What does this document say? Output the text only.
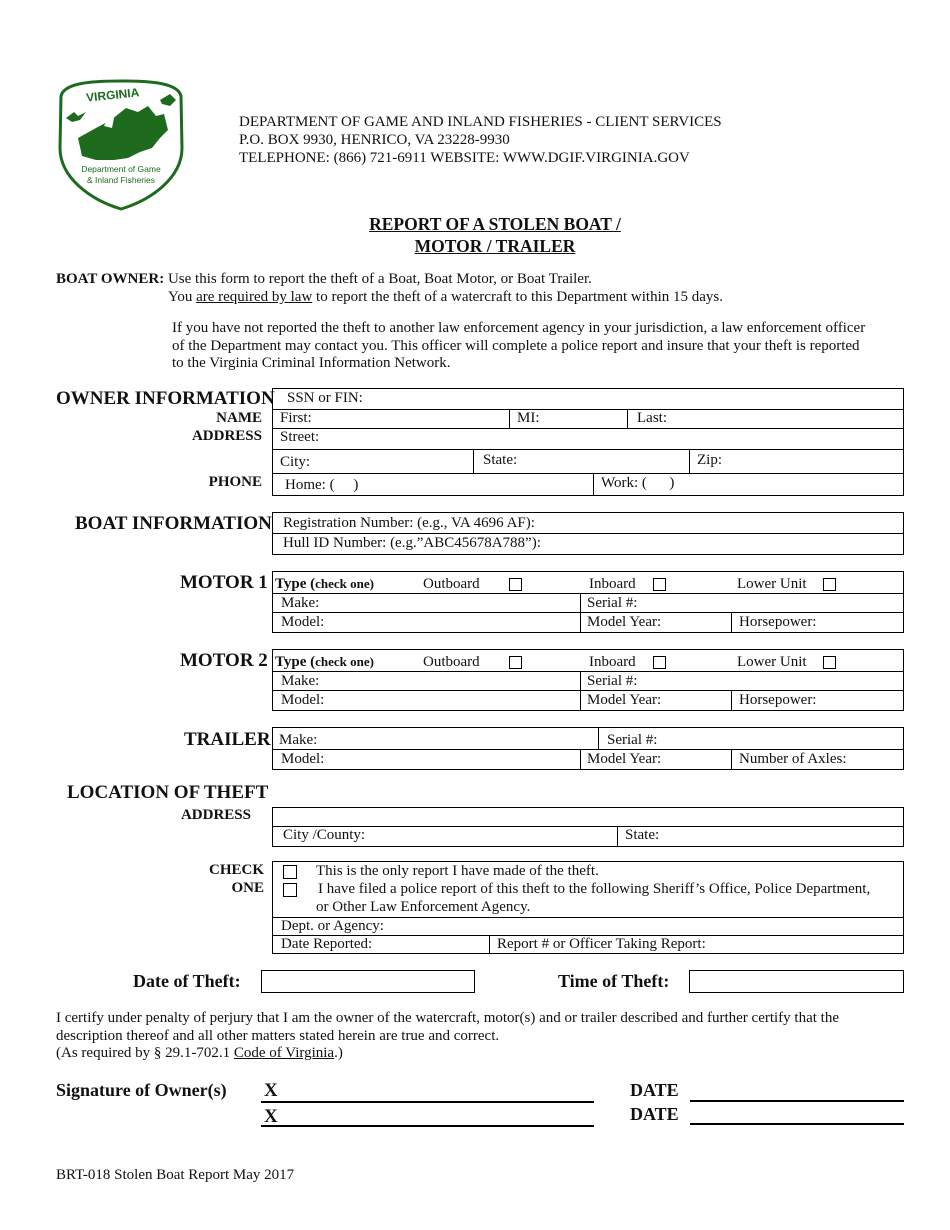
VIRGINIA
Department of Game
& Inland Fisheries
DEPARTMENT OF GAME AND INLAND FISHERIES - CLIENT SERVICES
P.O. BOX 9930, HENRICO, VA 23228-9930
TELEPHONE: (866) 721-6911 WEBSITE: WWW.DGIF.VIRGINIA.GOV
REPORT OF A STOLEN BOAT /
MOTOR / TRAILER
BOAT OWNER: Use this form to report the theft of a Boat, Boat Motor, or Boat Trailer.
You are required by law to report the theft of a watercraft to this Department within 15 days.
If you have not reported the theft to another law enforcement agency in your jurisdiction, a law enforcement officer of the Department may contact you. This officer will complete a police report and insure that your theft is reported to the Virginia Criminal Information Network.
OWNER INFORMATION
NAME
ADDRESS
PHONE
SSN or FIN:
First:	MI:	Last:
Street:
City:	State:	Zip:
Home: (     )	Work: (      )
BOAT INFORMATION Registration Number: (e.g., VA 4696 AF):
Hull ID Number: (e.g.”ABC45678A788”):
MOTOR 1 Type (check one)	Outboard	Inboard	Lower Unit
Make:	Serial #:
Model:	Model Year:	Horsepower:
MOTOR 2 Type (check one)	Outboard	Inboard	Lower Unit
Make:	Serial #:
Model:	Model Year:	Horsepower:
TRAILER Make:	Serial #:
Model:	Model Year:	Number of Axles:
LOCATION OF THEFT
ADDRESS
City /County:	State:
CHECK
ONE
This is the only report I have made of the theft.
I have filed a police report of this theft to the following Sheriff’s Office, Police Department,
or Other Law Enforcement Agency.
Dept. or Agency:
Date Reported:	Report # or Officer Taking Report:
Date of Theft:	Time of Theft:
I certify under penalty of perjury that I am the owner of the watercraft, motor(s) and or trailer described and further certify that the
description thereof and all other matters stated herein are true and correct.
(As required by § 29.1-702.1 Code of Virginia.)
Signature of Owner(s) X
X
DATE
DATE
BRT-018 Stolen Boat Report May 2017
